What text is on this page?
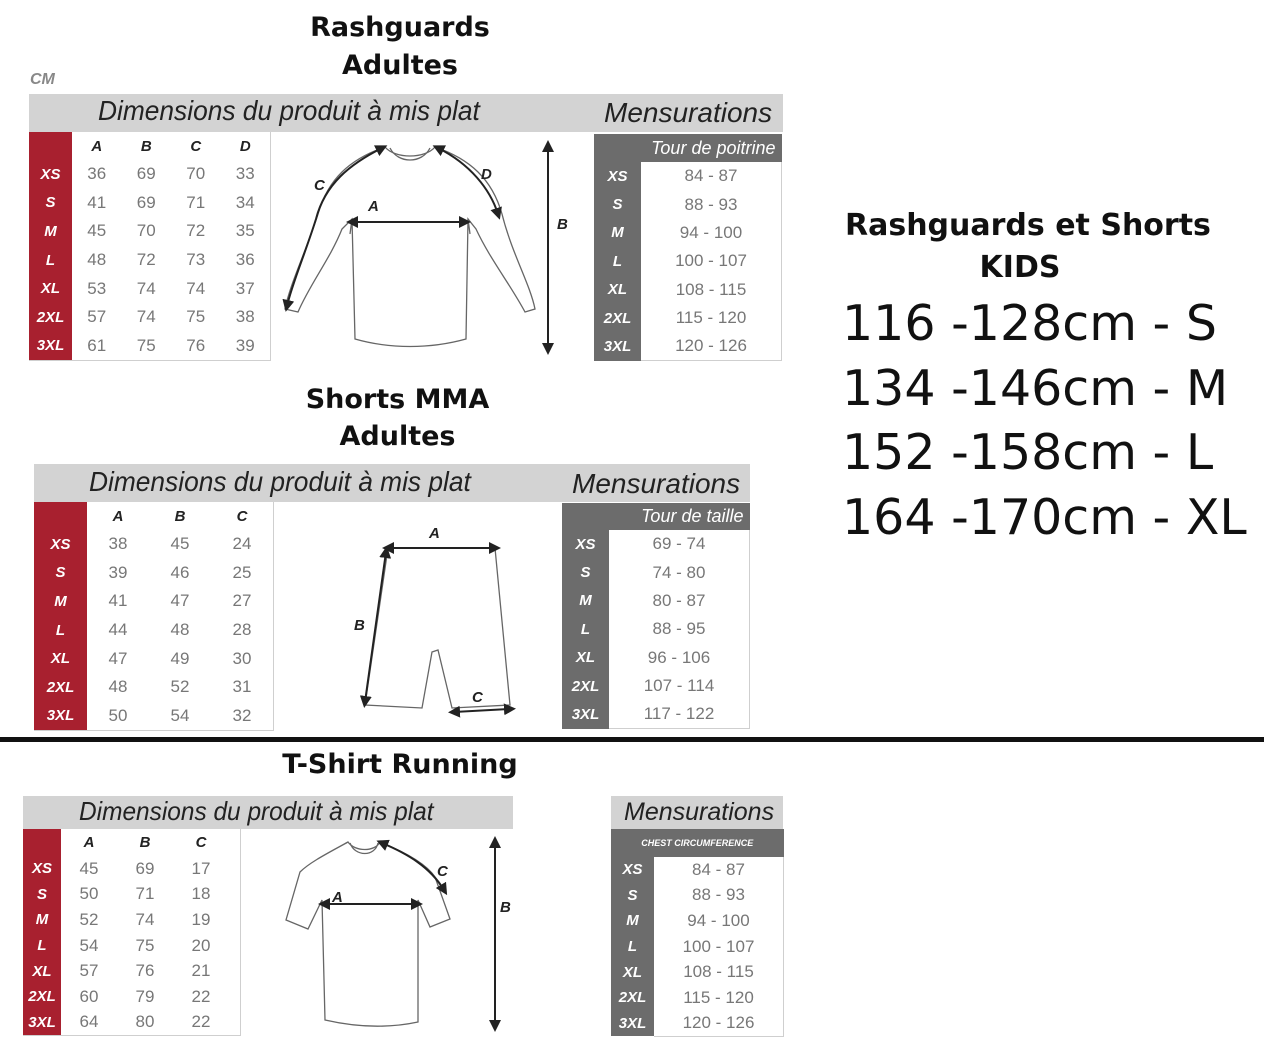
Rashguards
Adultes
CM
Dimensions du produit à mis plat	Mensurations
	A	B	C	D
XS	36	69	70	33
S	41	69	71	34
M	45	70	72	35
L	48	72	73	36
XL	53	74	74	37
2XL	57	74	75	38
3XL	61	75	76	39
Tour de poitrine	
XS	84 - 87
S	88 - 93
M	94 - 100
L	100 - 107
XL	108 - 115
2XL	115 - 120
3XL	120 - 126
A
B
C
D
Shorts MMA
Adultes
Dimensions du produit à mis plat	Mensurations
	A	B	C
XS	38	45	24
S	39	46	25
M	41	47	27
L	44	48	28
XL	47	49	30
2XL	48	52	31
3XL	50	54	32
Tour de taille	
XS	69 - 74
S	74 - 80
M	80 - 87
L	88 - 95
XL	96 - 106
2XL	107 - 114
3XL	117 - 122
A
B
C
Rashguards et Shorts
KIDS
116 -128cm - S
134 -146cm - M
152 -158cm - L
164 -170cm - XL
T-Shirt Running
Dimensions du produit à mis plat	Mensurations
	A	B	C
XS	45	69	17
S	50	71	18
M	52	74	19
L	54	75	20
XL	57	76	21
2XL	60	79	22
3XL	64	80	22
CHEST CIRCUMFERENCE	
XS	84 - 87
S	88 - 93
M	94 - 100
L	100 - 107
XL	108 - 115
2XL	115 - 120
3XL	120 - 126
A
B
C
